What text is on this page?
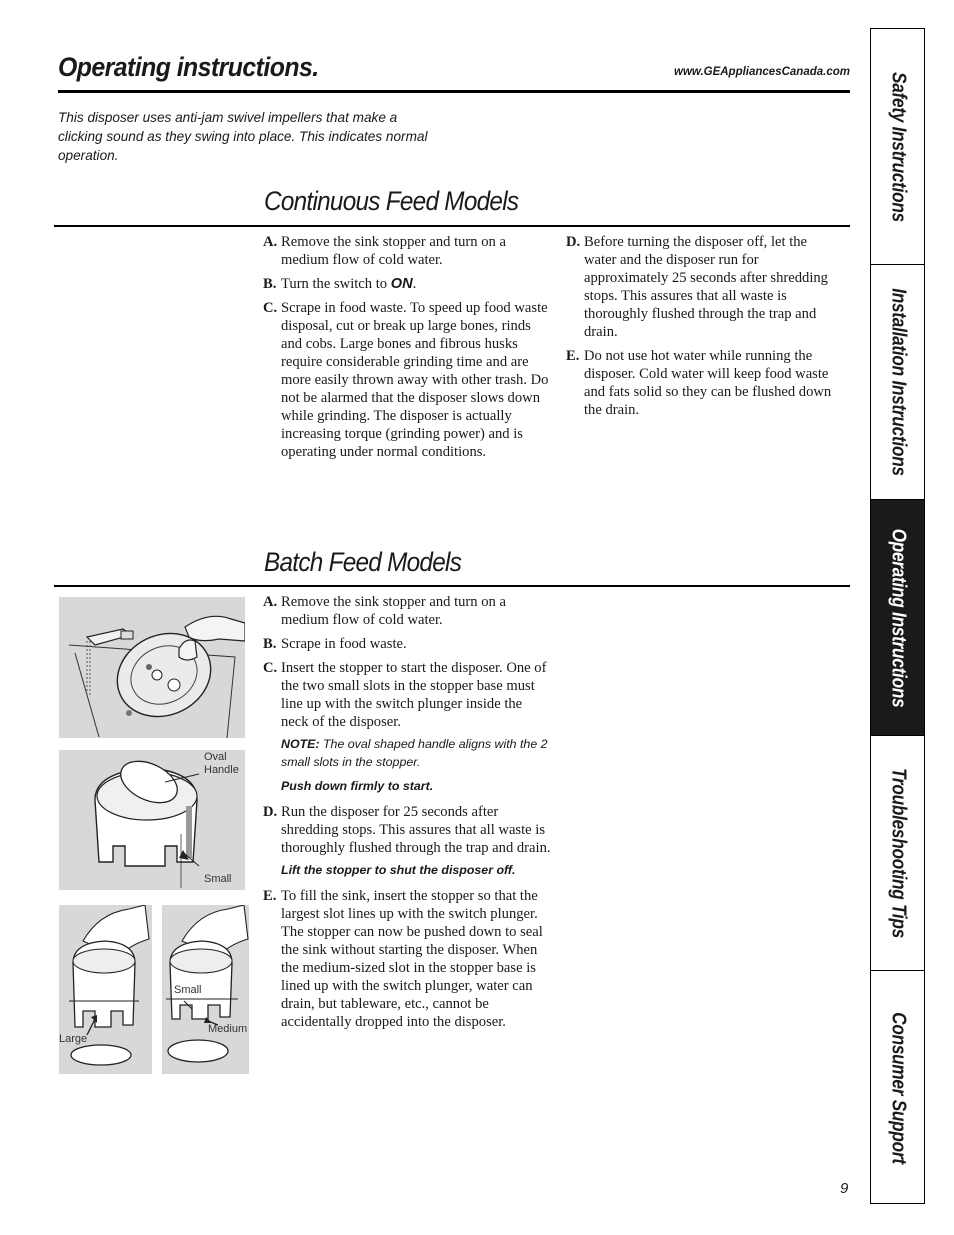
Operating instructions.	www.GEAppliancesCanada.com

This disposer uses anti-jam swivel impellers that make a clicking sound as they swing into place. This indicates normal operation.

Continuous Feed Models
A . Remove the sink stopper and turn on a medium flow of cold water.
B . Turn the switch to ON.
C . Scrape in food waste. To speed up food waste disposal, cut or break up large bones, rinds and cobs. Large bones and fibrous husks require considerable grinding time and are more easily thrown away with other trash. Do not be alarmed that the disposer slows down while grinding. The disposer is actually increasing torque (grinding power) and is operating under normal conditions.
D . Before turning the disposer off, let the water and the disposer run for approximately 25 seconds after shredding stops. This assures that all waste is thoroughly flushed through the trap and drain.
E . Do not use hot water while running the disposer. Cold water will keep food waste and fats solid so they can be flushed down the drain.
Batch Feed Models
A . Remove the sink stopper and turn on a medium flow of cold water.
B . Scrape in food waste.
C . Insert the stopper to start the disposer. One of the two small slots in the stopper base must line up with the switch plunger inside the neck of the disposer.
NOTE: The oval shaped handle aligns with the 2 small slots in the stopper.
Push down firmly to start.
D . Run the disposer for 25 seconds after shredding stops. This assures that all waste is thoroughly flushed through the trap and drain.
Lift the stopper to shut the disposer off.
E . To fill the sink, insert the stopper so that the largest slot lines up with the switch plunger. The stopper can now be pushed down to seal the sink without starting the disposer. When the medium-sized slot in the stopper base is lined up with the switch plunger, water can drain, but tableware, etc., cannot be accidentally dropped into the disposer.
Oval Handle
Small
Large
Small
Medium
Safety Instructions
Installation Instructions
Operating Instructions
Troubleshooting Tips
Consumer Support
9
